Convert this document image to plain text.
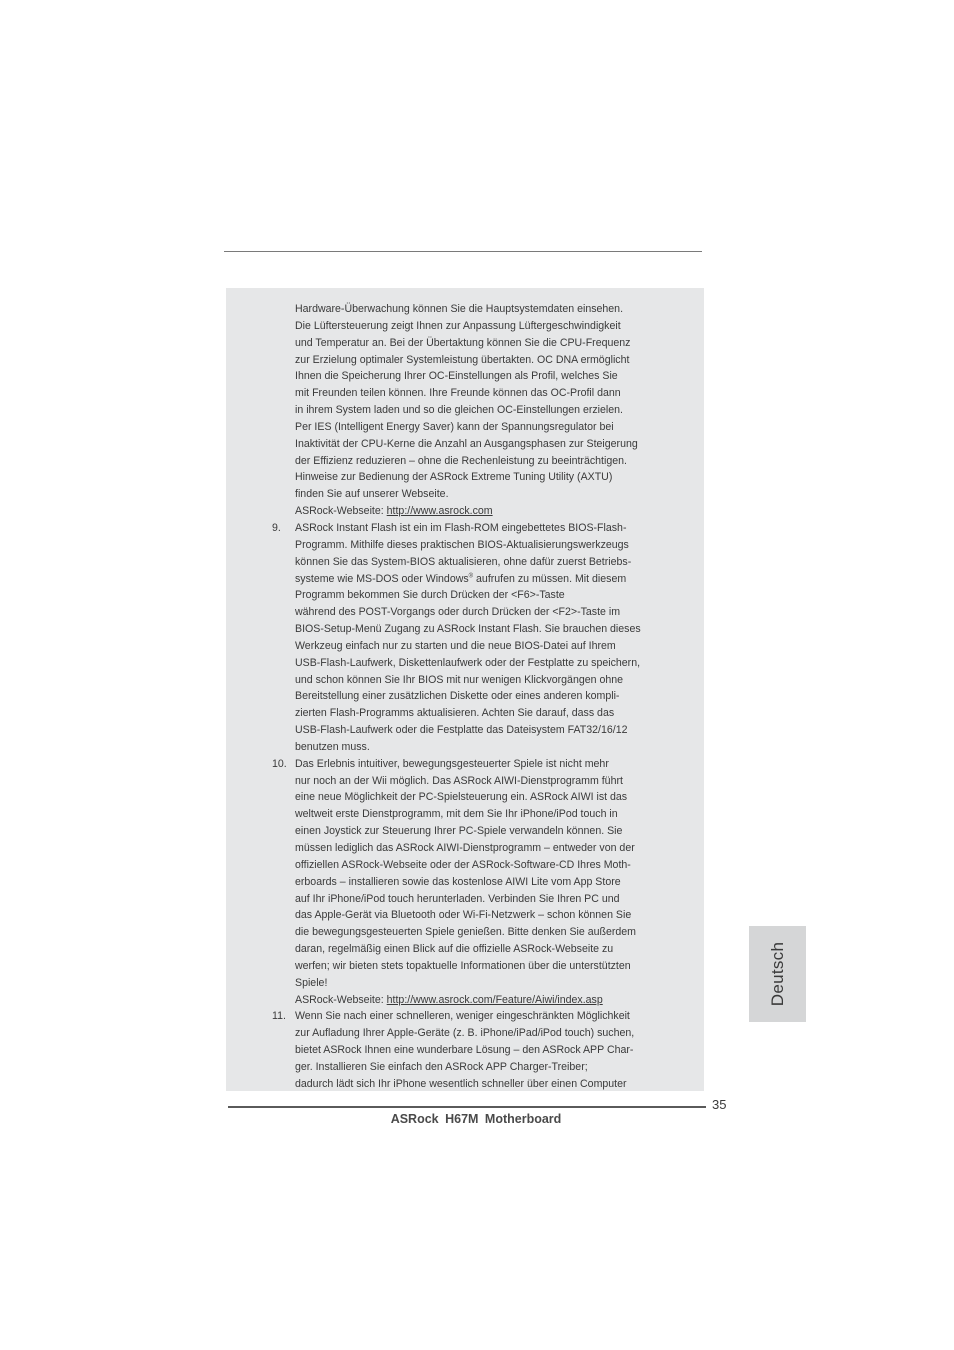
Hardware-Überwachung können Sie die Hauptsystemdaten einsehen.
Die Lüftersteuerung zeigt Ihnen zur Anpassung Lüftergeschwindigkeit
und Temperatur an. Bei der Übertaktung können Sie die CPU-Frequenz
zur Erzielung optimaler Systemleistung übertakten. OC DNA ermöglicht
Ihnen die Speicherung Ihrer OC-Einstellungen als Profil, welches Sie
mit Freunden teilen können. Ihre Freunde können das OC-Profil dann
in ihrem System laden und so die gleichen OC-Einstellungen erzielen.
Per IES (Intelligent Energy Saver) kann der Spannungsregulator bei
Inaktivität der CPU-Kerne die Anzahl an Ausgangsphasen zur Steigerung
der Effizienz reduzieren – ohne die Rechenleistung zu beeinträchtigen.
Hinweise zur Bedienung der ASRock Extreme Tuning Utility (AXTU)
finden Sie auf unserer Webseite.
ASRock-Webseite: http://www.asrock.com
9. ASRock Instant Flash ist ein im Flash-ROM eingebettetes BIOS-Flash-
Programm. Mithilfe dieses praktischen BIOS-Aktualisierungswerkzeugs
können Sie das System-BIOS aktualisieren, ohne dafür zuerst Betriebs-
systeme wie MS-DOS oder Windows® aufrufen zu müssen. Mit diesem
Programm bekommen Sie durch Drücken der <F6>-Taste
während des POST-Vorgangs oder durch Drücken der <F2>-Taste im
BIOS-Setup-Menü Zugang zu ASRock Instant Flash. Sie brauchen dieses
Werkzeug einfach nur zu starten und die neue BIOS-Datei auf Ihrem
USB-Flash-Laufwerk, Diskettenlaufwerk oder der Festplatte zu speichern,
und schon können Sie Ihr BIOS mit nur wenigen Klickvorgängen ohne
Bereitstellung einer zusätzlichen Diskette oder eines anderen kompli-
zierten Flash-Programms aktualisieren. Achten Sie darauf, dass das
USB-Flash-Laufwerk oder die Festplatte das Dateisystem FAT32/16/12
benutzen muss.
10. Das Erlebnis intuitiver, bewegungsgesteuerter Spiele ist nicht mehr
nur noch an der Wii möglich. Das ASRock AIWI-Dienstprogramm führt
eine neue Möglichkeit der PC-Spielsteuerung ein. ASRock AIWI ist das
weltweit erste Dienstprogramm, mit dem Sie Ihr iPhone/iPod touch in
einen Joystick zur Steuerung Ihrer PC-Spiele verwandeln können. Sie
müssen lediglich das ASRock AIWI-Dienstprogramm – entweder von der
offiziellen ASRock-Webseite oder der ASRock-Software-CD Ihres Moth-
erboards – installieren sowie das kostenlose AIWI Lite vom App Store
auf Ihr iPhone/iPod touch herunterladen. Verbinden Sie Ihren PC und
das Apple-Gerät via Bluetooth oder Wi-Fi-Netzwerk – schon können Sie
die bewegungsgesteuerten Spiele genießen. Bitte denken Sie außerdem
daran, regelmäßig einen Blick auf die offizielle ASRock-Webseite zu
werfen; wir bieten stets topaktuelle Informationen über die unterstützten
Spiele!
ASRock-Webseite: http://www.asrock.com/Feature/Aiwi/index.asp
11. Wenn Sie nach einer schnelleren, weniger eingeschränkten Möglichkeit
zur Aufladung Ihrer Apple-Geräte (z. B. iPhone/iPad/iPod touch) suchen,
bietet ASRock Ihnen eine wunderbare Lösung – den ASRock APP Char-
ger. Installieren Sie einfach den ASRock APP Charger-Treiber;
dadurch lädt sich Ihr iPhone wesentlich schneller über einen Computer
Deutsch
35
ASRock H67M Motherboard
